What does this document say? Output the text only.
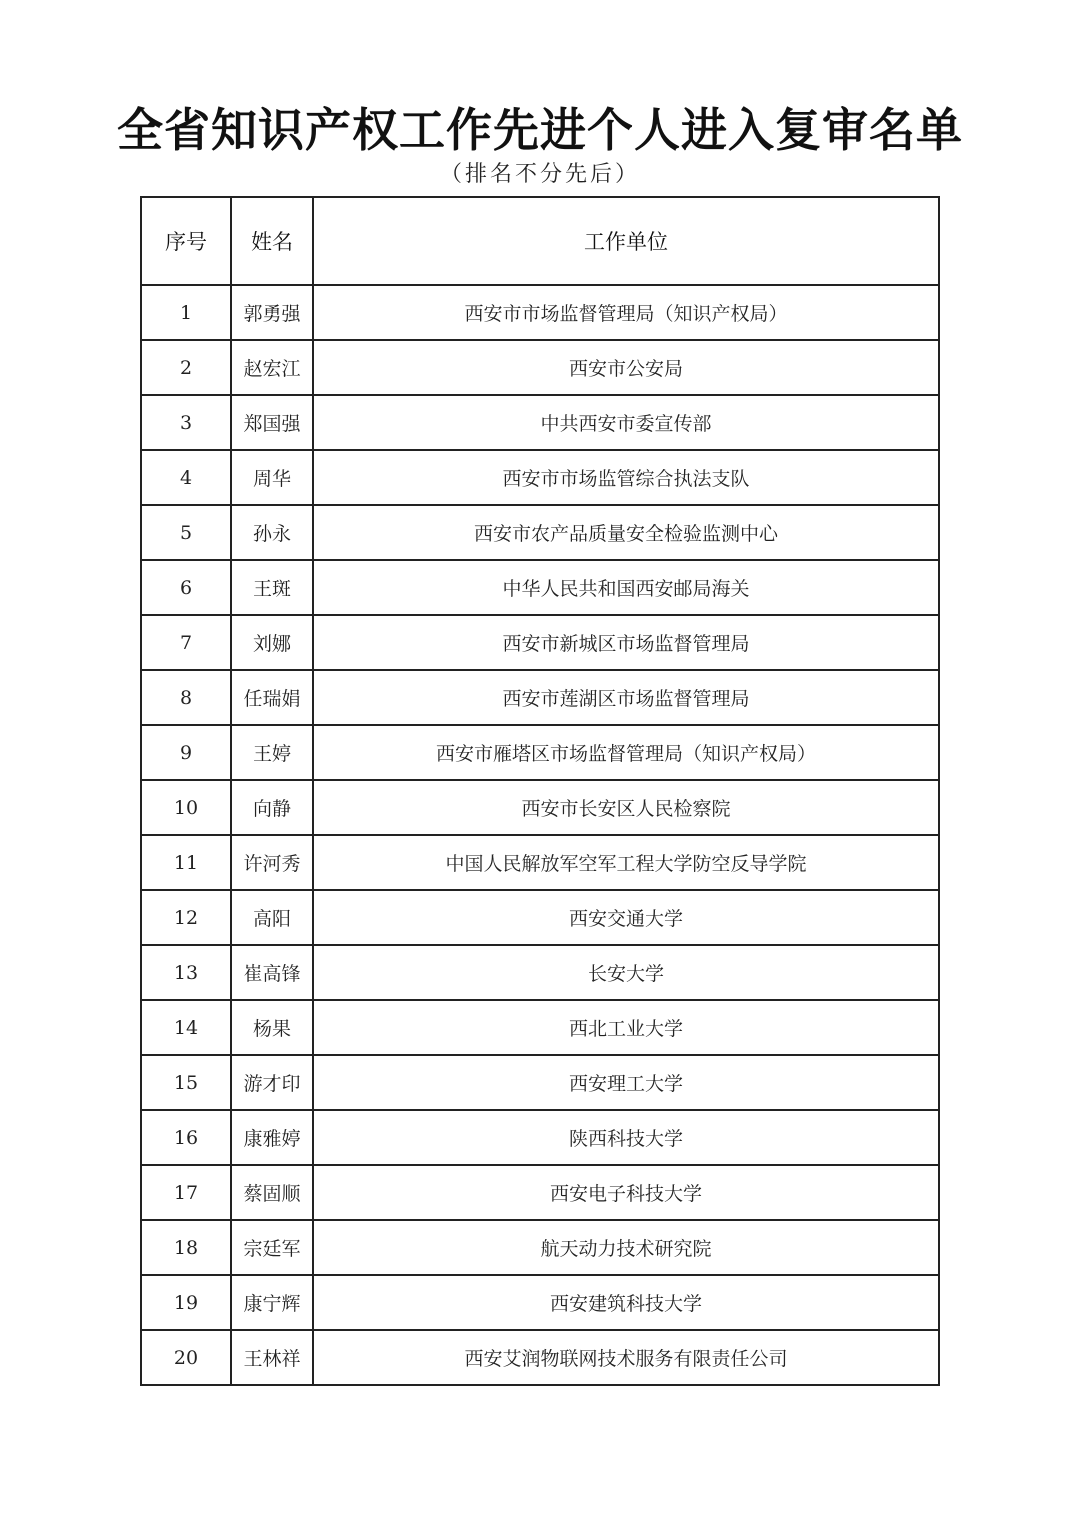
全省知识产权工作先进个人进入复审名单
（排名不分先后）
序号	姓名	工作单位
1	郭勇强	西安市市场监督管理局（知识产权局）
2	赵宏江	西安市公安局
3	郑国强	中共西安市委宣传部
4	周华	西安市市场监管综合执法支队
5	孙永	西安市农产品质量安全检验监测中心
6	王斑	中华人民共和国西安邮局海关
7	刘娜	西安市新城区市场监督管理局
8	任瑞娟	西安市莲湖区市场监督管理局
9	王婷	西安市雁塔区市场监督管理局（知识产权局）
10	向静	西安市长安区人民检察院
11	许河秀	中国人民解放军空军工程大学防空反导学院
12	高阳	西安交通大学
13	崔高锋	长安大学
14	杨果	西北工业大学
15	游才印	西安理工大学
16	康雅婷	陕西科技大学
17	蔡固顺	西安电子科技大学
18	宗廷军	航天动力技术研究院
19	康宁辉	西安建筑科技大学
20	王林祥	西安艾润物联网技术服务有限责任公司
